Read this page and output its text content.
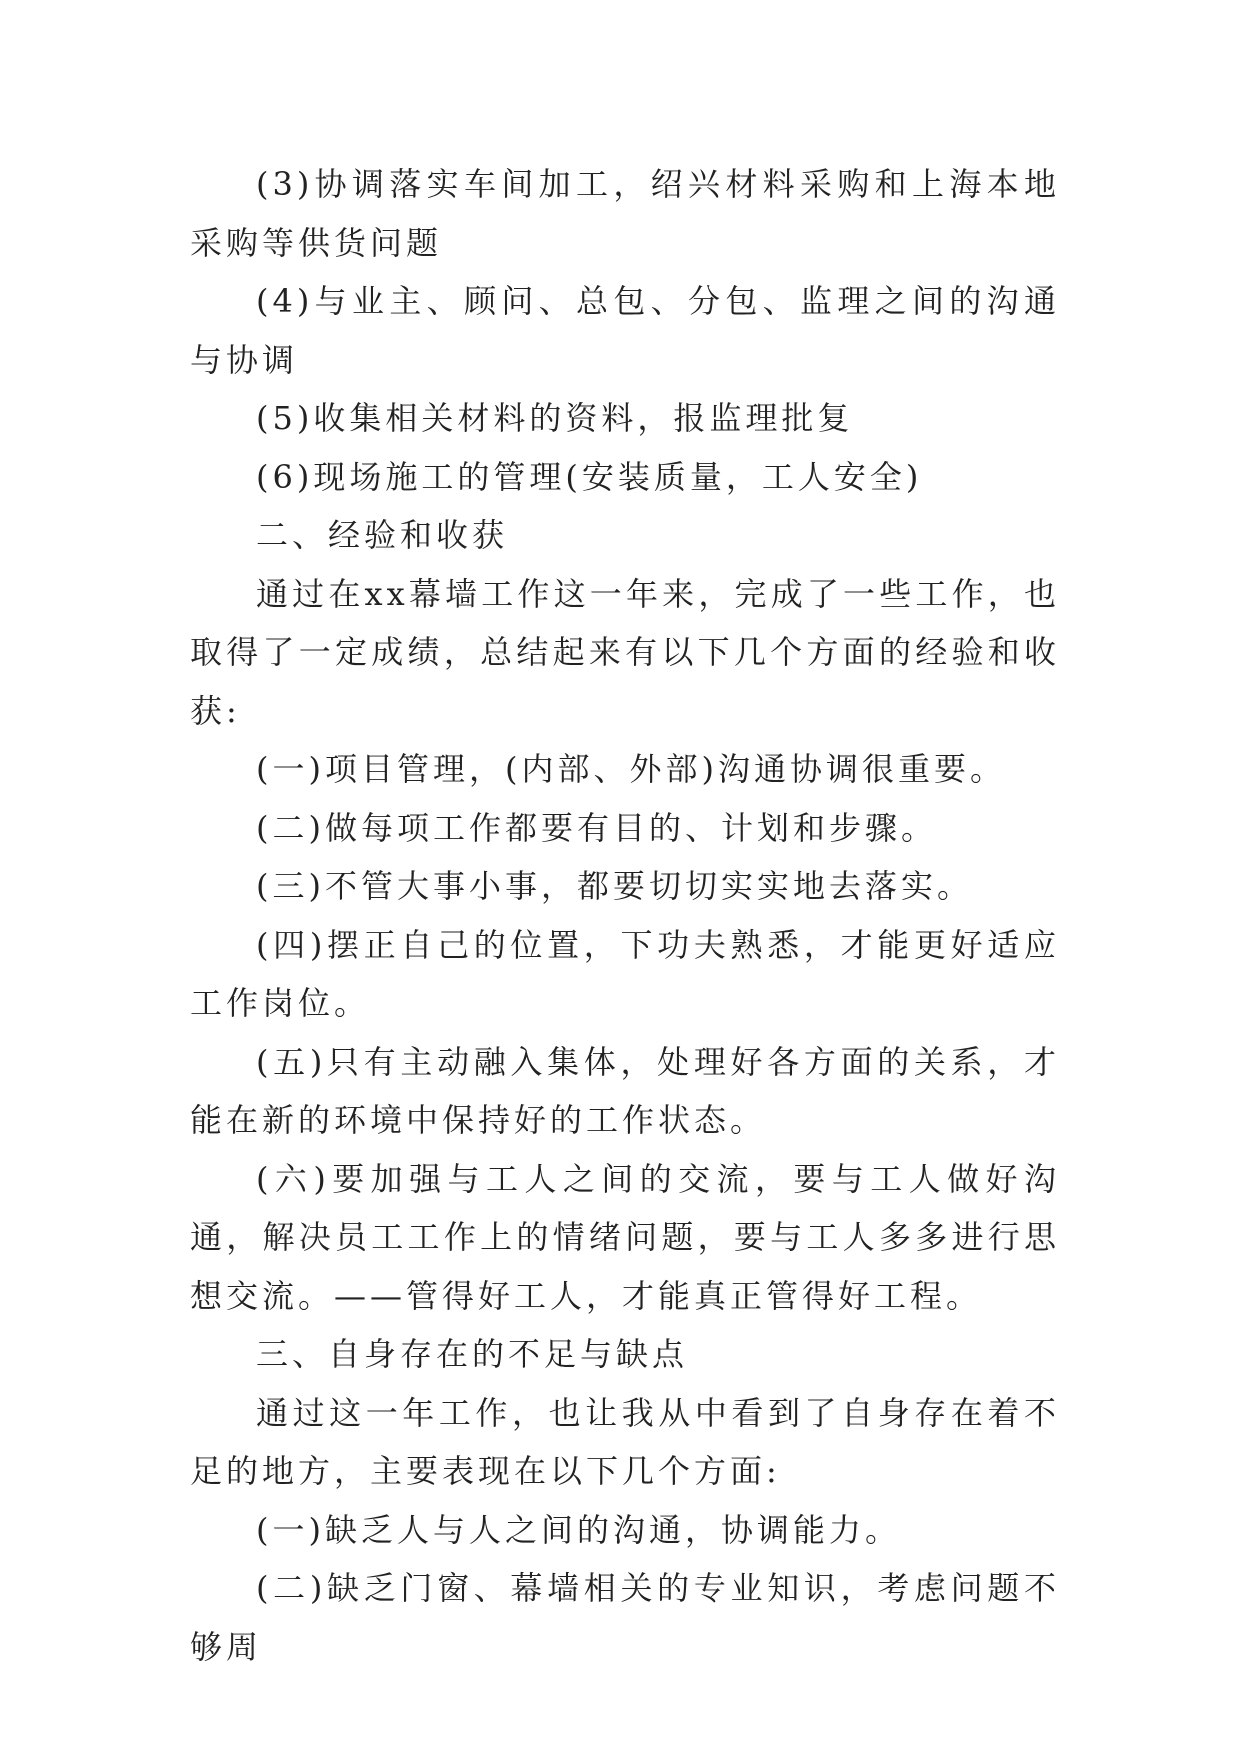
(3)协调落实车间加工，绍兴材料采购和上海本地采购等供货问题

(4)与业主、顾问、总包、分包、监理之间的沟通与协调

(5)收集相关材料的资料，报监理批复

(6)现场施工的管理(安装质量，工人安全)

二、经验和收获

通过在xx幕墙工作这一年来，完成了一些工作，也取得了一定成绩，总结起来有以下几个方面的经验和收获:

(一)项目管理，(内部、外部)沟通协调很重要。

(二)做每项工作都要有目的、计划和步骤。

(三)不管大事小事，都要切切实实地去落实。

(四)摆正自己的位置，下功夫熟悉，才能更好适应工作岗位。

(五)只有主动融入集体，处理好各方面的关系，才能在新的环境中保持好的工作状态。

(六)要加强与工人之间的交流，要与工人做好沟通，解决员工工作上的情绪问题，要与工人多多进行思想交流。——管得好工人，才能真正管得好工程。

三、自身存在的不足与缺点

通过这一年工作，也让我从中看到了自身存在着不足的地方，主要表现在以下几个方面:

(一)缺乏人与人之间的沟通，协调能力。

(二)缺乏门窗、幕墙相关的专业知识，考虑问题不够周
